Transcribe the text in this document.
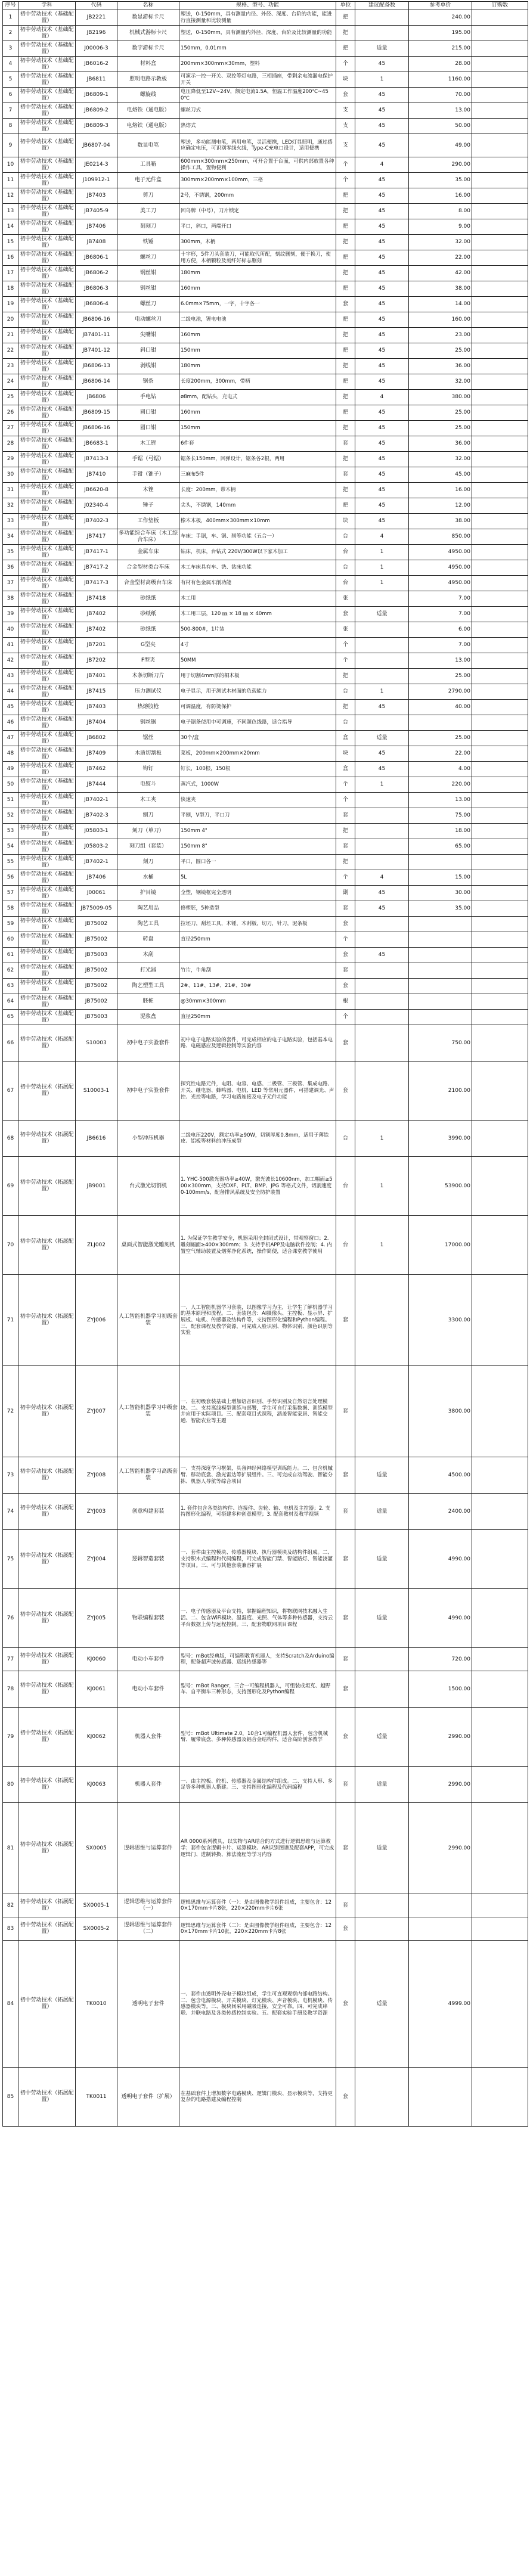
序号	学科	代码	名称	规格、型号、功能	单位	建议配备数	参考单价	订购数
1	初中劳动技术（基础配置）	JB2221	数显游标卡尺	塑送，0-150mm，具有测量内径、外径、深度、台阶的功能，能进行直接测量和比较测量	把		240.00	
2	初中劳动技术（基础配置）	JB2196	机械式游标卡尺	塑送，0-150mm，具有测量内外径、深度、台阶及比较测量的功能	把		195.00	
3	初中劳动技术（基础配置）	J00006-3	数字游标卡尺	150mm，0.01mm	把	适量	215.00	
4	初中劳动技术（基础配置）	JB6016-2	材料盒	200mm×300mm×30mm，塑料	个	45	28.00	
5	初中劳动技术（基础配置）	JB6811	照明电路示教板	可演示一控一开关、双控等灯电路，三相插座，带剩余电流漏电保护开关	块	1	1160.00	
6	初中劳动技术（基础配置）	JB6809-1	螺旋线	电压降低至12V~24V，额定电流1.5A，恒温工作温度200℃~450℃	套	45	70.00	
7	初中劳动技术（基础配置）	JB6809-2	电烙铁（通电版）	螺丝刀式	支	45	13.00	
8	初中劳动技术（基础配置）	JB6809-3	电烙铁（通电版）	热熔式	支	45	50.00	
9	初中劳动技术（基础配置）	JB6807-04	数显电笔	塑送，多功能测电笔，两用电笔，灵活便携，LED灯显照明，通过感应确定电压，可识别零线火线，Type-C充电口设计，适用便携	支	45	49.00	
10	初中劳动技术（基础配置）	JE0214-3	工具箱	600mm×300mm×250mm，可开合置于台面，可供内部放置各种操作工具，置物便利	个	4	290.00	
11	初中劳动技术（基础配置）	J109912-1	电子元件盒	300mm×200mm×100mm，三格	个	45	35.00	
12	初中劳动技术（基础配置）	JB7403	剪刀	2号，不锈钢，200mm	把	45	16.00	
13	初中劳动技术（基础配置）	JB7405-9	美工刀	回鸟牌（中号），刀片锁定	把	45	8.00	
14	初中劳动技术（基础配置）	JB7406	刻刻刀	平口，斜口，两端开口	把	45	9.00	
15	初中劳动技术（基础配置）	JB7408	铁锤	300mm，木柄	把	45	32.00	
16	初中劳动技术（基础配置）	JB6806-1	螺丝刀	十字形，5件刀头套装刀，可能取代所配，刻纹删刻，便于换刀，使用方便，木柄颗粒及刻纤好标志删刻	把	45	22.00	
17	初中劳动技术（基础配置）	JB6806-2	钢丝钳	180mm	把	45	42.00	
18	初中劳动技术（基础配置）	JB6806-3	钢丝钳	160mm	把	45	38.00	
19	初中劳动技术（基础配置）	JB6806-4	螺丝刀	6.0mm×75mm，一字，十字各一	套	45	14.00	
20	初中劳动技术（基础配置）	JB6806-16	电动螺丝刀	二级电池，锂电电池	把	45	160.00	
21	初中劳动技术（基础配置）	JB7401-11	尖嘴钳	160mm	把	45	23.00	
22	初中劳动技术（基础配置）	JB7401-12	斜口钳	150mm	把	45	25.00	
23	初中劳动技术（基础配置）	JB6806-13	剥线钳	180mm	把	45	36.00	
24	初中劳动技术（基础配置）	JB6806-14	锯条	长度200mm，300mm，带柄	把	45	32.00	
25	初中劳动技术（基础配置）	JB6806	手电钻	ø8mm，配钻头，充电式	把	4	380.00	
26	初中劳动技术（基础配置）	JB6809-15	圆口钳	160mm	把	45	25.00	
27	初中劳动技术（基础配置）	JB6806-16	圆口钳	150mm	把	45	25.00	
28	初中劳动技术（基础配置）	JB6683-1	木工锉	6件套	套	45	36.00	
29	初中劳动技术（基础配置）	JB7413-3	手锯（弓锯）	锯条长150mm，回弹设计，锯条各2根，两用	把	45	32.00	
30	初中劳动技术（基础配置）	JB7410	手钳（锥子）	三麻布5件	套	45	45.00	
31	初中劳动技术（基础配置）	JB6620-8	木锉	长度：200mm，带木柄	把	45	16.00	
32	初中劳动技术（基础配置）	J02340-4	锤子	尖头，不锈钢，140mm	把	45	12.00	
33	初中劳动技术（基础配置）	JB7402-3	工作垫板	橡木木板，400mm×300mm×10mm	块	45	38.00	
34	初中劳动技术（基础配置）	JB7417	多功能综合车床（木工综合车床）	车床：手锯，车、锯、削等功能（五合一）	台	4	850.00	
35	初中劳动技术（基础配置）	JB7417-1	金属车床	钻床，机床，台钻式 220V/300W以下家木加工	台	1	4950.00	
36	初中劳动技术（基础配置）	JB7417-2	合金型材类台车床	木工车床具有车、铣、钻床功能	台	1	4950.00	
37	初中劳动技术（基础配置）	JB7417-3	合金型材高级台车床	有材有色金属车削功能	台	1	4950.00	
38	初中劳动技术（基础配置）	JB7418	砂纸纸	木工用	张		7.00	
39	初中劳动技术（基础配置）	JB7402	砂纸纸	木工用三层，120 ㎜ × 18 ㎜ × 40mm	套	适量	7.00	
40	初中劳动技术（基础配置）	JB7402	砂纸纸	500-800#，1片装	张		6.00	
41	初中劳动技术（基础配置）	JB7201	G型夹	4寸	个		7.00	
42	初中劳动技术（基础配置）	JB7202	F型夹	50MM	个		13.00	
43	初中劳动技术（基础配置）	JB7401	木条切断刀片	用于切割4mm厚的桐木板	把		25.00	
44	初中劳动技术（基础配置）	JB7415	压力测试仪	电子显示，用于测试木材面的负载能力	台	1	2790.00	
45	初中劳动技术（基础配置）	JB7403	热熔胶枪	可调温度，有防烫保护	把	45	40.00	
46	初中劳动技术（基础配置）	JB7404	钢丝锯	电子锯条使用中可调速，不同颜色线路，适合指导	台			
47	初中劳动技术（基础配置）	JB6802	锯丝	30个/盒	盒	适量	25.00	
48	初中劳动技术（基础配置）	JB7409	木质切割板	菜板，200mm×200mm×20mm	块	45	22.00	
49	初中劳动技术（基础配置）	JB7462	钩钉	钉长，100根，150根	盒	45	4.00	
50	初中劳动技术（基础配置）	JB7444	电熨斗	蒸汽式，1000W	个	1	220.00	
51	初中劳动技术（基础配置）	JB7402-1	木工夹	快速夹	个		13.00	
52	初中劳动技术（基础配置）	JB7402-3	刨刀	平刨，V型刀，平口刀	套		75.00	
53	初中劳动技术（基础配置）	J05803-1	刻刀（单刀）	150mm 4"	把		18.00	
54	初中劳动技术（基础配置）	J05803-2	刻刀组（套装）	150mm 8"	套		65.00	
55	初中劳动技术（基础配置）	JB7402-1	刻刀	平口，圆口各一	把			
56	初中劳动技术（基础配置）	JB7406	水桶	5L	个	4	15.00	
57	初中劳动技术（基础配置）	J00061	护目镜	全塑，钢镜框完全透明	副	45	30.00	
58	初中劳动技术（基础配置）	JB75009-05	陶艺用品	修塑胚，5种造型	套	45	35.00	
59	初中劳动技术（基础配置）	JB75002	陶艺工具	拉坯刀，刮坯工具，木锤，木刮板，切刀，针刀，泥条板	套			
60	初中劳动技术（基础配置）	JB75002	转盘	直径250mm	个			
61	初中劳动技术（基础配置）	JB75003	木刮		套	45		
62	初中劳动技术（基础配置）	JB75002	打光器	竹片，牛角刮	套			
63	初中劳动技术（基础配置）	JB75002	陶艺塑型工具	2#、11#、13#、21#、30#	套			
64	初中劳动技术（基础配置）	JB75002	胚桩	@30mm×300mm	根			
65	初中劳动技术（基础配置）	JB75003	泥浆盘	直径250mm	个			
66	初中劳动技术（拓展配置）	S10003	初中电子实验套件	初中电子电路实验的套件，可完成相应的电子电路实验，包括基本电路、电磁感应及逻辑控制等实验内容	套		750.00	
67	初中劳动技术（拓展配置）	S10003-1	初中电子实验套件	探究性电路元件，电阻、电容、电感、二极管、三极管、集成电路、开关、继电器、蜂鸣器、电机、LED 等常用元器件，可搭建调光、声控、光控等电路，学习电路连接及电子元件功能	套		2100.00	
68	初中劳动技术（拓展配置）	JB6616	小型冲压机器	二级电压220V，额定功率≥90W，切割厚度0.8mm，适用于薄铁皮、铝板等材料的冲压成型	台	1	3990.00	
69	初中劳动技术（拓展配置）	JB9001	台式激光切割机	1. YHC-500激光器功率≥40W，激光波长10600nm，加工幅面≥500×300mm，支持DXF、PLT、BMP、JPG 等格式文件，切割速度0-100mm/s，配备排风系统及安全防护装置	台	1	53900.00	
70	初中劳动技术（拓展配置）	ZLJ002	桌面式智能激光雕刻机	1. 为保证学生教学安全，机器采用全封闭式设计，带观察窗口；2. 雕刻幅面≥400×300mm；3. 支持手机APP及电脑软件控制；4. 内置空气辅助装置及烟雾净化系统，操作简便，适合课堂教学使用	台	1	17000.00	
71	初中劳动技术（拓展配置）	ZYJ006	人工智能机器学习初级套装	一、人工智能机器学习套装，以图像学习为主，让学生了解机器学习的基本原理和流程。二、套装包含：AI摄像头、主控板、显示屏、扩展板、电机、传感器及结构件等，支持图形化编程和Python编程。三、配套课程及教学资源，可完成人脸识别、物体识别、颜色识别等实验	套		3300.00	
72	初中劳动技术（拓展配置）	ZYJ007	人工智能机器学习中级套装	一、在初级套装基础上增加语音识别、手势识别及自然语言处理模块。二、支持离线模型训练与部署，学生可自行采集数据、训练模型并应用于实际项目。三、配套项目式课程，涵盖智能家居、智能交通、智能农业等主题	套		3800.00	
73	初中劳动技术（拓展配置）	ZYJ008	人工智能机器学习高级套装	一、支持深度学习框架，具备神经网络模型训练能力。二、包含机械臂、移动底盘、激光雷达等扩展组件。三、可完成自动驾驶、智能分拣、机器人导航等综合项目	套	适量	4500.00	
74	初中劳动技术（拓展配置）	ZYJ003	创意构建套装	1. 套件包含各类结构件、连接件、齿轮、轴、电机及主控器；2. 支持图形化编程，可搭建多种创意模型；3. 配套教材及教学视频	套	适量	2400.00	
75	初中劳动技术（拓展配置）	ZYJ004	逻辑智造套装	一、套件由主控模块、传感器模块、执行器模块及结构件组成。二、支持积木式编程和代码编程，可完成智能门禁、智能路灯、智能浇灌等项目。三、可与其他套装兼容扩展	套	适量	4990.00	
76	初中劳动技术（拓展配置）	ZYJ005	物联编程套装	一、电子传感器及平台支持，掌握编程知识，将物联网技术融入生活。二、包含WiFi模块、温湿度、光照、气体等多种传感器，支持云平台数据上传与远程控制。三、配套物联网项目课程	套	适量	4990.00	
77	初中劳动技术（拓展配置）	KJ0060	电动小车套件	型号：mBot经典版，可编程教育机器人，支持Scratch及Arduino编程，配备超声波传感器、巡线传感器等	套		720.00	
78	初中劳动技术（拓展配置）	KJ0061	电动小车套件	型号：mBot Ranger，三合一可编程机器人，可组装成坦克、越野车、自平衡车三种形态，支持图形化及Python编程	套		1500.00	
79	初中劳动技术（拓展配置）	KJ0062	机器人套件	型号：mBot Ultimate 2.0，10合1可编程机器人套件，包含机械臂、履带底盘、多种传感器及铝合金结构件，适合高阶创客教学	套	适量	2990.00	
80	初中劳动技术（拓展配置）	KJ0063	机器人套件	一、由主控板、舵机、传感器及金属结构件组成。二、支持人形、多足等多种机器人搭建。三、支持图形化编程及代码编程	套	适量	2990.00	
81	初中劳动技术（拓展配置）	SX0005	逻辑思维与运算套件	AR 0000系列教具，以实物与AR结合的方式进行逻辑思维与运算教学；套件包含逻辑卡片、运算模块、AR识别图谱及配套APP，可完成逻辑门、进制转换、算法流程等学习内容	套	适量	2990.00	
82	初中劳动技术（拓展配置）	SX0005-1	逻辑思维与运算套件（一）	逻辑思维与运算套件（一）：是由图像教学组件组成，主要包含：120×170mm卡片8张，220×220mm卡片6张	套			
83	初中劳动技术（拓展配置）	SX0005-2	逻辑思维与运算套件（二）	逻辑思维与运算套件（二）：是由图像教学组件组成，主要包含：120×170mm卡片10张，220×220mm卡片8张	套			
84	初中劳动技术（拓展配置）	TK0010	透明电子套件	一、套件由透明外壳电子模块组成，学生可直观观察内部电路结构。二、包含电源模块、开关模块、灯光模块、声音模块、电机模块、传感器模块等。三、模块间采用磁吸连接，安全可靠。四、可完成串联、并联电路及各类传感控制实验。五、配套实验手册及教学资源	套	适量	4999.00	
85	初中劳动技术（拓展配置）	TK0011	透明电子套件（扩展）	在基础套件上增加数字电路模块、逻辑门模块、显示模块等，支持更复杂的电路搭建及编程控制	套			
